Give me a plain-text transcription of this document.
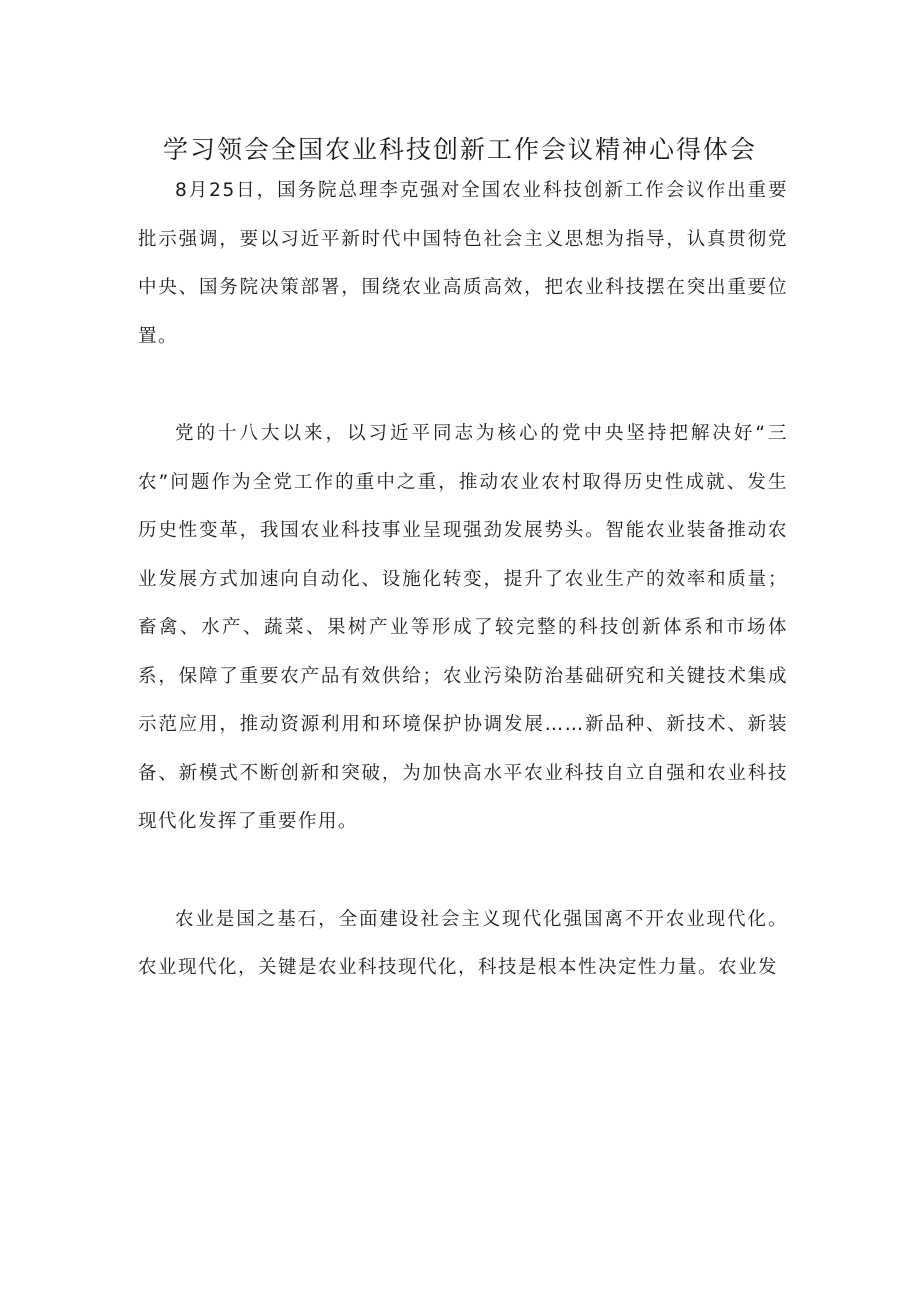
学习领会全国农业科技创新工作会议精神心得体会

8月25日，国务院总理李克强对全国农业科技创新工作会议作出重要批示强调，要以习近平新时代中国特色社会主义思想为指导，认真贯彻党中央、国务院决策部署，围绕农业高质高效，把农业科技摆在突出重要位置。

党的十八大以来，以习近平同志为核心的党中央坚持把解决好“三农”问题作为全党工作的重中之重，推动农业农村取得历史性成就、发生历史性变革，我国农业科技事业呈现强劲发展势头。智能农业装备推动农业发展方式加速向自动化、设施化转变，提升了农业生产的效率和质量；畜禽、水产、蔬菜、果树产业等形成了较完整的科技创新体系和市场体系，保障了重要农产品有效供给；农业污染防治基础研究和关键技术集成示范应用，推动资源利用和环境保护协调发展……新品种、新技术、新装备、新模式不断创新和突破，为加快高水平农业科技自立自强和农业科技现代化发挥了重要作用。

农业是国之基石，全面建设社会主义现代化强国离不开农业现代化。农业现代化，关键是农业科技现代化，科技是根本性决定性力量。农业发
